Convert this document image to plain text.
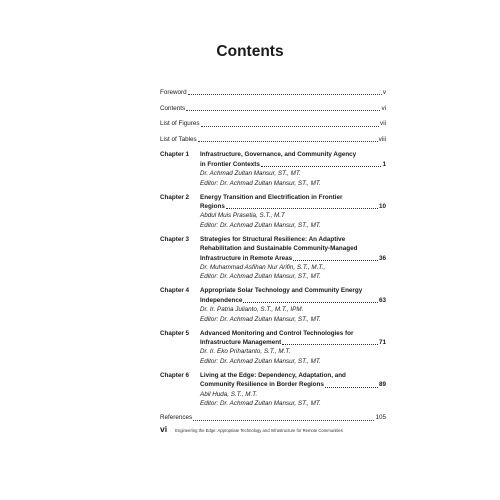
Contents
Foreword	v
Contents	vi
List of Figures	vii
List of Tables	viii
Chapter 1	Infrastructure, Governance, and Community Agency
in Frontier Contexts	1
Dr. Achmad Zultan Mansur, ST., MT.
Editor: Dr. Achmad Zultan Mansur, ST., MT.
Chapter 2	Energy Transition and Electrification in Frontier
Regions	10
Abdul Muis Prasetia, S.T., M.T
Editor: Dr. Achmad Zultan Mansur, ST., MT.
Chapter 3	Strategies for Structural Resilience: An Adaptive
Rehabilitation and Sustainable Community-Managed
Infrastructure in Remote Areas	36
Dr. Muhammad Asfihan Nur Arifin, S.T., M.T.,
Editor: Dr. Achmad Zultan Mansur, ST., MT.
Chapter 4	Appropriate Solar Technology and Community Energy
Independence	63
Dr. Ir. Patria Julianto, S.T., M.T., IPM.
Editor: Dr. Achmad Zultan Mansur, ST., MT.
Chapter 5	Advanced Monitoring and Control Technologies for
Infrastructure Management	71
Dr. Ir. Eko Prihartanto, S.T., M.T.
Editor: Dr. Achmad Zultan Mansur, ST., MT.
Chapter 6	Living at the Edge: Dependency, Adaptation, and
Community Resilience in Border Regions	89
Abil Huda, S.T., M.T.
Editor: Dr. Achmad Zultan Mansur, ST., MT.
References	105
vi Engineering the Edge: Appropriate Technology and Infrastructure for Remote Communities
